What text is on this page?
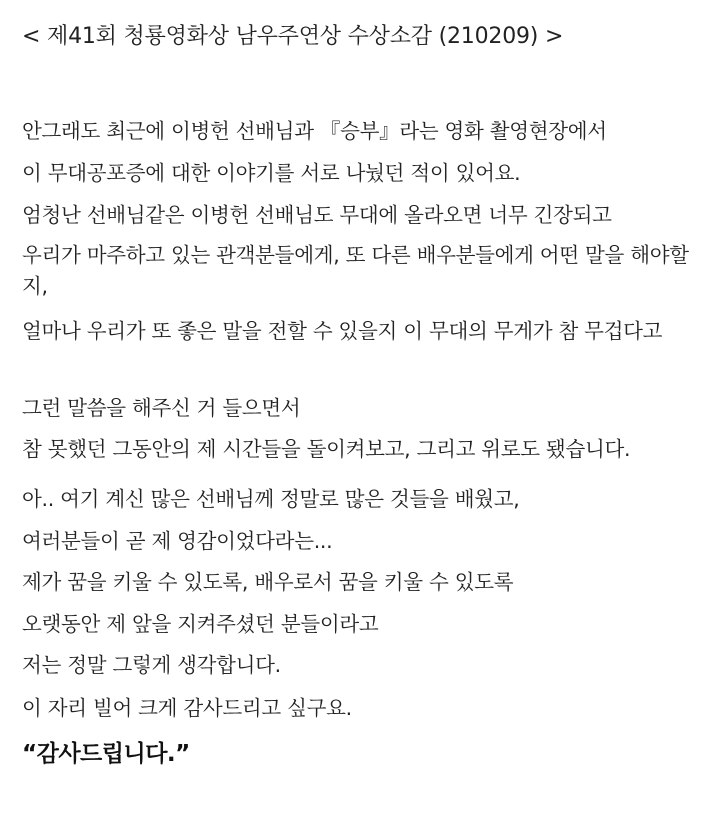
< 제41회 청룡영화상 남우주연상 수상소감 (210209) >
안그래도 최근에 이병헌 선배님과 『승부』라는 영화 촬영현장에서
이 무대공포증에 대한 이야기를 서로 나눴던 적이 있어요.
엄청난 선배님같은 이병헌 선배님도 무대에 올라오면 너무 긴장되고
우리가 마주하고 있는 관객분들에게, 또 다른 배우분들에게 어떤 말을 해야할지,
얼마나 우리가 또 좋은 말을 전할 수 있을지 이 무대의 무게가 참 무겁다고
그런 말씀을 해주신 거 들으면서
참 못했던 그동안의 제 시간들을 돌이켜보고, 그리고 위로도 됐습니다.
아.. 여기 계신 많은 선배님께 정말로 많은 것들을 배웠고,
여러분들이 곧 제 영감이었다라는...
제가 꿈을 키울 수 있도록, 배우로서 꿈을 키울 수 있도록
오랫동안 제 앞을 지켜주셨던 분들이라고
저는 정말 그렇게 생각합니다.
이 자리 빌어 크게 감사드리고 싶구요.
“감사드립니다.”
